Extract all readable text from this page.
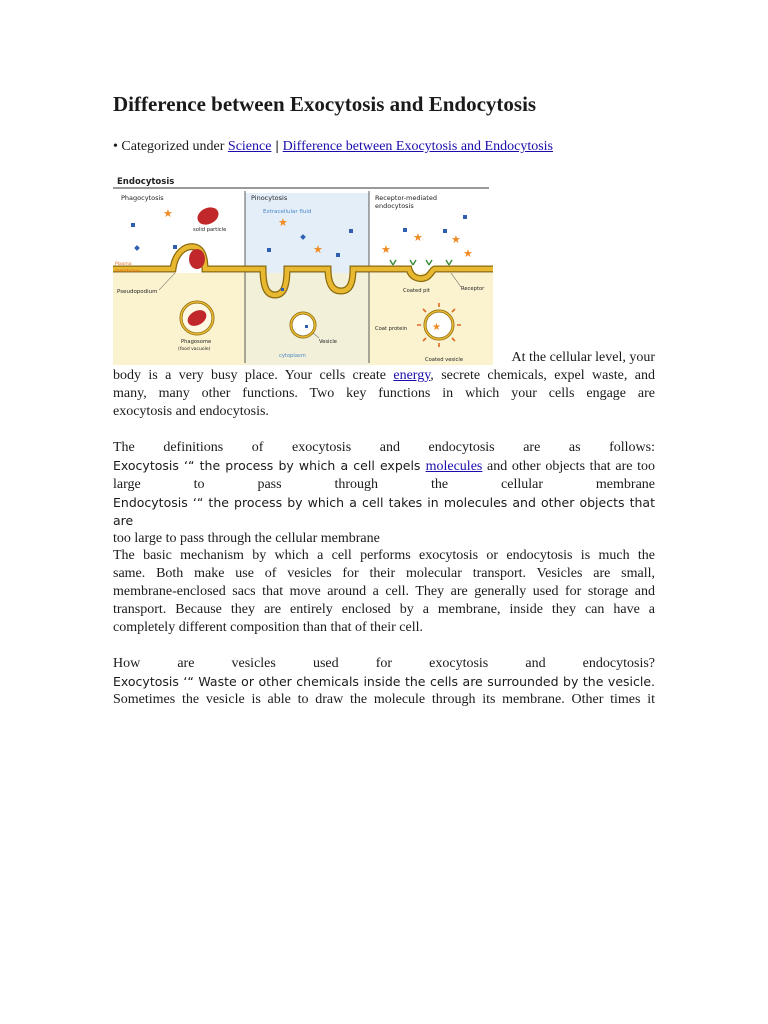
Difference between Exocytosis and Endocytosis
• Categorized under Science | Difference between Exocytosis and Endocytosis
Endocytosis
Phagocytosis	Pinocytosis
Extracellular fluid
Receptor-mediated
endocytosis
solid particle
★
★
★	★
★	★
★
Plasma
membrane
Pseudopodium
Phagosome
(food vacuole)
Vesicle
cytoplasm
Coated pit	Receptor
Coat protein ★
Coated vesicle	At the cellular level, your
body is a very busy place. Your cells create energy, secrete chemicals, expel waste, and
many, many other functions. Two key functions in which your cells engage are
exocytosis and endocytosis.
The definitions of exocytosis and endocytosis are as follows:
Exocytosis ‘“ the process by which a cell expels molecules and other objects that are too
large to pass through the cellular membrane
Endocytosis ‘“ the process by which a cell takes in molecules and other objects that are
too large to pass through the cellular membrane
The basic mechanism by which a cell performs exocytosis or endocytosis is much the
same. Both make use of vesicles for their molecular transport. Vesicles are small,
membrane-enclosed sacs that move around a cell. They are generally used for storage and
transport. Because they are entirely enclosed by a membrane, inside they can have a
completely different composition than that of their cell.
How are vesicles used for exocytosis and endocytosis?
Exocytosis ‘“ Waste or other chemicals inside the cells are surrounded by the vesicle.
Sometimes the vesicle is able to draw the molecule through its membrane. Other times it
